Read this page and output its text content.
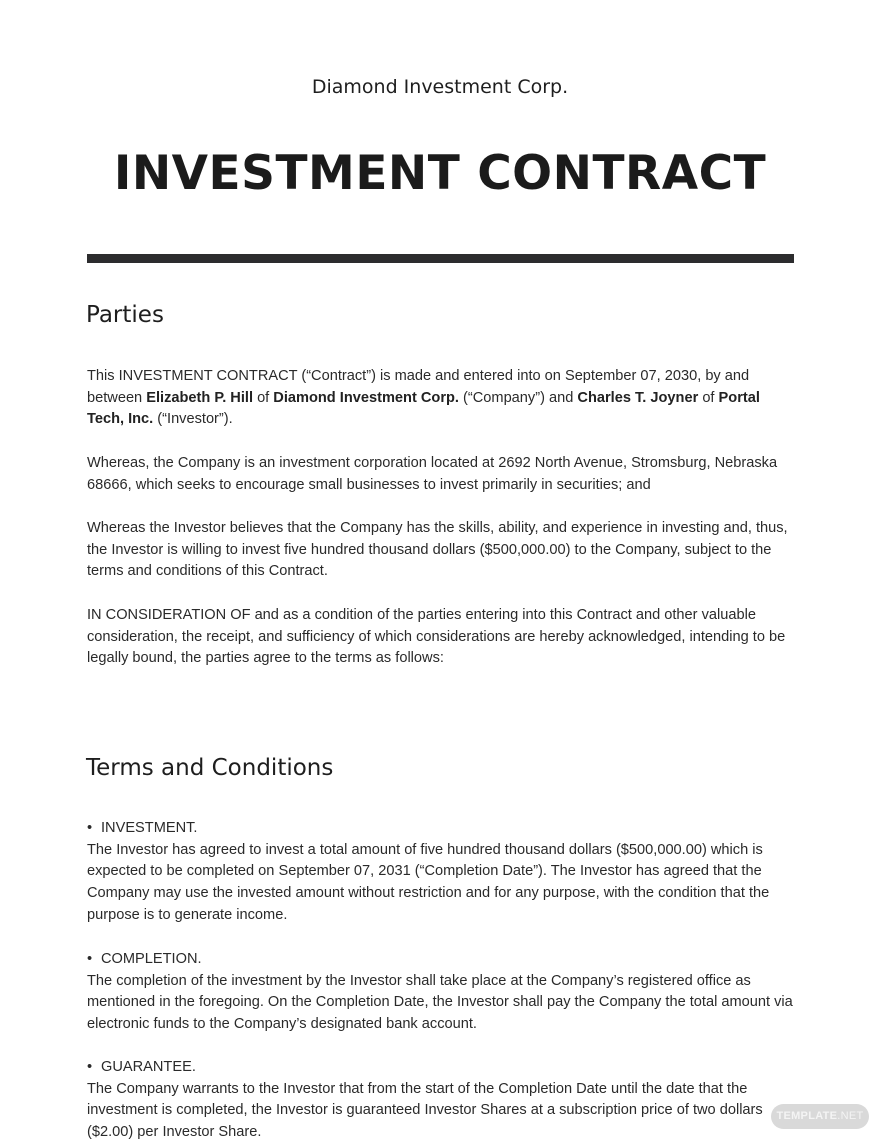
Diamond Investment Corp.
INVESTMENT CONTRACT
Parties

This INVESTMENT CONTRACT (“Contract”) is made and entered into on September 07, 2030, by and between Elizabeth P. Hill of Diamond Investment Corp. (“Company”) and Charles T. Joyner of Portal Tech, Inc. (“Investor”).

Whereas, the Company is an investment corporation located at 2692 North Avenue, Stromsburg, Nebraska 68666, which seeks to encourage small businesses to invest primarily in securities; and

Whereas the Investor believes that the Company has the skills, ability, and experience in investing and, thus, the Investor is willing to invest five hundred thousand dollars ($500,000.00) to the Company, subject to the terms and conditions of this Contract.

IN CONSIDERATION OF and as a condition of the parties entering into this Contract and other valuable consideration, the receipt, and sufficiency of which considerations are hereby acknowledged, intending to be legally bound, the parties agree to the terms as follows:

Terms and Conditions
• INVESTMENT.

The Investor has agreed to invest a total amount of five hundred thousand dollars ($500,000.00) which is expected to be completed on September 07, 2031 (“Completion Date”). The Investor has agreed that the Company may use the invested amount without restriction and for any purpose, with the condition that the purpose is to generate income.

• COMPLETION.

The completion of the investment by the Investor shall take place at the Company’s registered office as mentioned in the foregoing. On the Completion Date, the Investor shall pay the Company the total amount via electronic funds to the Company’s designated bank account.

• GUARANTEE.

The Company warrants to the Investor that from the start of the Completion Date until the date that the investment is completed, the Investor is guaranteed Investor Shares at a subscription price of two dollars ($2.00) per Investor Share.

TEMPLATE.NET
